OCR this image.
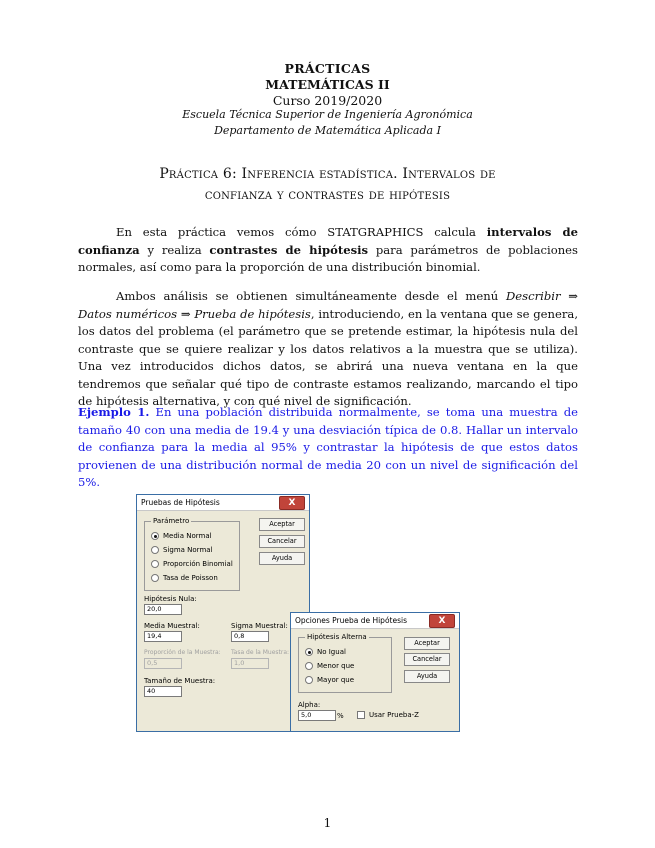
PRÁCTICAS
MATEMÁTICAS II
Curso 2019/2020
Escuela Técnica Superior de Ingeniería Agronómica
Departamento de Matemática Aplicada I
Práctica 6: Inferencia estadística. Intervalos de
confianza y contrastes de hipótesis
En esta práctica vemos cómo STATGRAPHICS calcula intervalos de confianza y realiza contrastes de hipótesis para parámetros de poblaciones normales, así como para la proporción de una distribución binomial.
Ambos análisis se obtienen simultáneamente desde el menú Describir ⇒ Datos numéricos ⇒ Prueba de hipótesis, introduciendo, en la ventana que se genera, los datos del problema (el parámetro que se pretende estimar, la hipótesis nula del contraste que se quiere realizar y los datos relativos a la muestra que se utiliza). Una vez introducidos dichos datos, se abrirá una nueva ventana en la que tendremos que señalar qué tipo de contraste estamos realizando, marcando el tipo de hipótesis alternativa, y con qué nivel de significación.
Ejemplo 1. En una población distribuida normalmente, se toma una muestra de tamaño 40 con una media de 19.4 y una desviación típica de 0.8. Hallar un intervalo de confianza para la media al 95% y contrastar la hipótesis de que estos datos provienen de una distribución normal de media 20 con un nivel de significación del 5%.
Pruebas de Hipótesis	X
Parámetro
Media Normal
Sigma Normal
Proporción Binomial
Tasa de Poisson
Aceptar
Cancelar
Ayuda
Hipótesis Nula:
20,0
Media Muestral:
19,4
Sigma Muestral:
0,8
Proporción de la Muestra:
0,5
Tasa de la Muestra:
1,0
Tamaño de Muestra:
40
Opciones Prueba de Hipótesis	X
Hipótesis Alterna
No Igual
Menor que
Mayor que
Aceptar
Cancelar
Ayuda
Alpha:
5,0	%	Usar Prueba-Z
1
